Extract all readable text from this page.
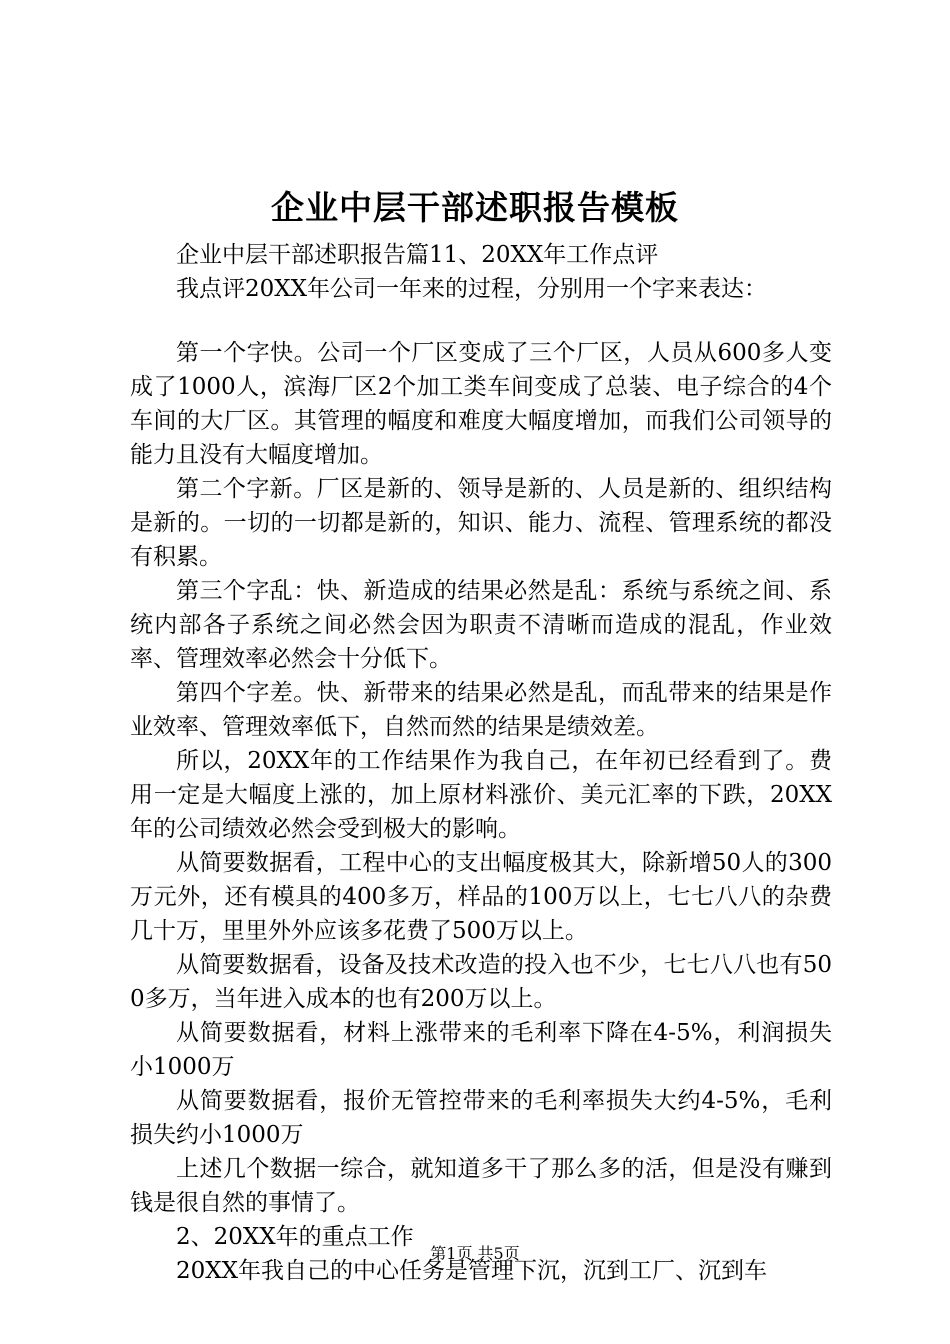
企业中层干部述职报告模板

企业中层干部述职报告篇11、20XX年工作点评

我点评20XX年公司一年来的过程，分别用一个字来表达：

第一个字快。公司一个厂区变成了三个厂区，人员从600多人变成了1000人，滨海厂区2个加工类车间变成了总装、电子综合的4个车间的大厂区。其管理的幅度和难度大幅度增加，而我们公司领导的能力且没有大幅度增加。

第二个字新。厂区是新的、领导是新的、人员是新的、组织结构是新的。一切的一切都是新的，知识、能力、流程、管理系统的都没有积累。

第三个字乱：快、新造成的结果必然是乱：系统与系统之间、系统内部各子系统之间必然会因为职责不清晰而造成的混乱，作业效率、管理效率必然会十分低下。

第四个字差。快、新带来的结果必然是乱，而乱带来的结果是作业效率、管理效率低下，自然而然的结果是绩效差。

所以，20XX年的工作结果作为我自己，在年初已经看到了。费用一定是大幅度上涨的，加上原材料涨价、美元汇率的下跌，20XX年的公司绩效必然会受到极大的影响。

从简要数据看，工程中心的支出幅度极其大，除新增50人的300万元外，还有模具的400多万，样品的100万以上，七七八八的杂费几十万，里里外外应该多花费了500万以上。

从简要数据看，设备及技术改造的投入也不少，七七八八也有500多万，当年进入成本的也有200万以上。

从简要数据看，材料上涨带来的毛利率下降在4-5%，利润损失小1000万

从简要数据看，报价无管控带来的毛利率损失大约4-5%，毛利损失约小1000万

上述几个数据一综合，就知道多干了那么多的活，但是没有赚到钱是很自然的事情了。

2、20XX年的重点工作

20XX年我自己的中心任务是管理下沉，沉到工厂、沉到车

第1页 共5页
